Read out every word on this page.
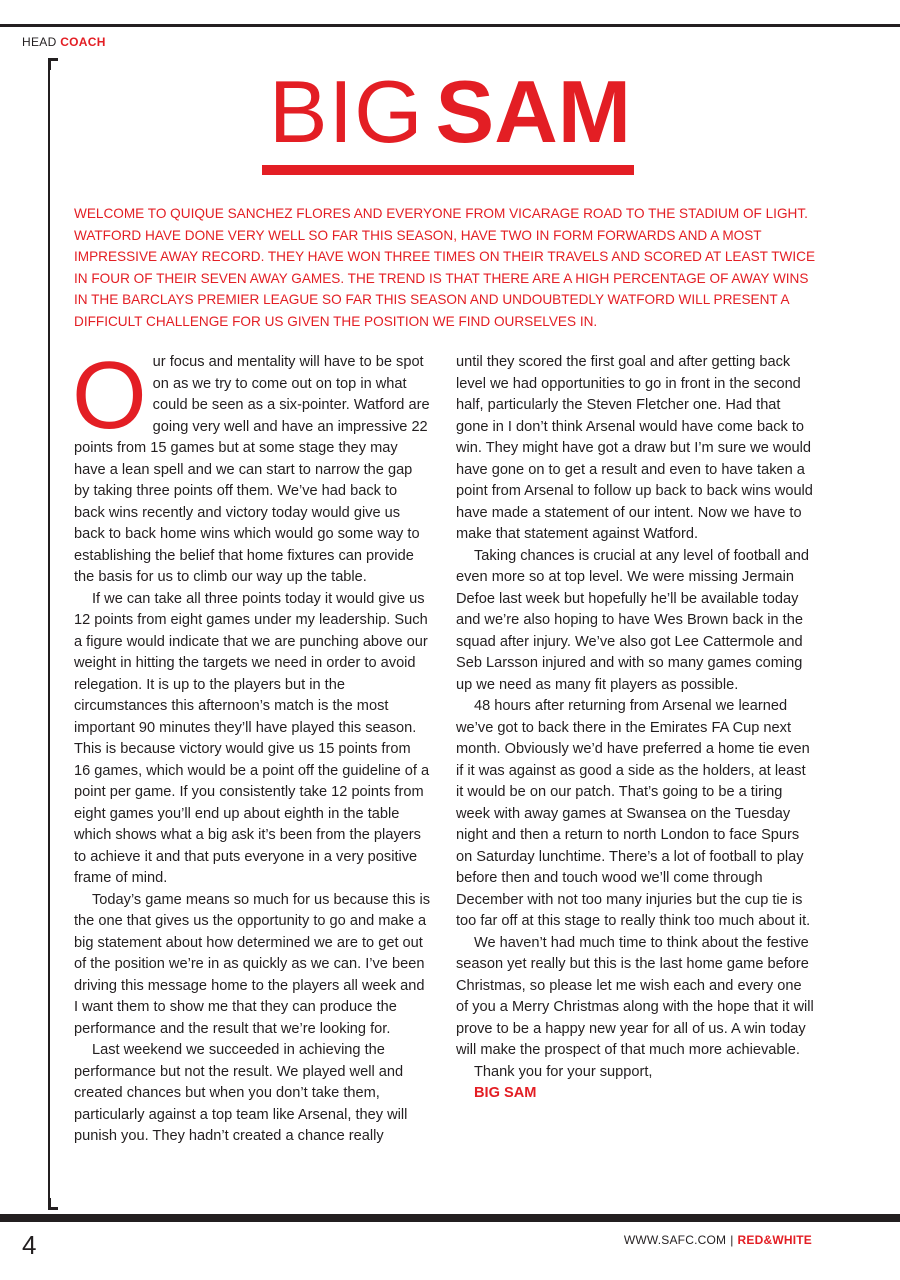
HEAD COACH
BIG SAM

WELCOME TO QUIQUE SANCHEZ FLORES AND EVERYONE FROM VICARAGE ROAD TO THE STADIUM OF LIGHT. WATFORD HAVE DONE VERY WELL SO FAR THIS SEASON, HAVE TWO IN FORM FORWARDS AND A MOST IMPRESSIVE AWAY RECORD. THEY HAVE WON THREE TIMES ON THEIR TRAVELS AND SCORED AT LEAST TWICE IN FOUR OF THEIR SEVEN AWAY GAMES. THE TREND IS THAT THERE ARE A HIGH PERCENTAGE OF AWAY WINS IN THE BARCLAYS PREMIER LEAGUE SO FAR THIS SEASON AND UNDOUBTEDLY WATFORD WILL PRESENT A DIFFICULT CHALLENGE FOR US GIVEN THE POSITION WE FIND OURSELVES IN.

Our focus and mentality will have to be spot on as we try to come out on top in what could be seen as a six-pointer. Watford are going very well and have an impressive 22 points from 15 games but at some stage they may have a lean spell and we can start to narrow the gap by taking three points off them. We’ve had back to back wins recently and victory today would give us back to back home wins which would go some way to establishing the belief that home fixtures can provide the basis for us to climb our way up the table.

If we can take all three points today it would give us 12 points from eight games under my leadership. Such a figure would indicate that we are punching above our weight in hitting the targets we need in order to avoid relegation. It is up to the players but in the circumstances this afternoon’s match is the most important 90 minutes they’ll have played this season. This is because victory would give us 15 points from 16 games, which would be a point off the guideline of a point per game. If you consistently take 12 points from eight games you’ll end up about eighth in the table which shows what a big ask it’s been from the players to achieve it and that puts everyone in a very positive frame of mind.

Today’s game means so much for us because this is the one that gives us the opportunity to go and make a big statement about how determined we are to get out of the position we’re in as quickly as we can. I’ve been driving this message home to the players all week and I want them to show me that they can produce the performance and the result that we’re looking for.

Last weekend we succeeded in achieving the performance but not the result. We played well and created chances but when you don’t take them, particularly against a top team like Arsenal, they will punish you. They hadn’t created a chance really

until they scored the first goal and after getting back level we had opportunities to go in front in the second half, particularly the Steven Fletcher one. Had that gone in I don’t think Arsenal would have come back to win. They might have got a draw but I’m sure we would have gone on to get a result and even to have taken a point from Arsenal to follow up back to back wins would have made a statement of our intent. Now we have to make that statement against Watford.

Taking chances is crucial at any level of football and even more so at top level. We were missing Jermain Defoe last week but hopefully he’ll be available today and we’re also hoping to have Wes Brown back in the squad after injury. We’ve also got Lee Cattermole and Seb Larsson injured and with so many games coming up we need as many fit players as possible.

48 hours after returning from Arsenal we learned we’ve got to back there in the Emirates FA Cup next month. Obviously we’d have preferred a home tie even if it was against as good a side as the holders, at least it would be on our patch. That’s going to be a tiring week with away games at Swansea on the Tuesday night and then a return to north London to face Spurs on Saturday lunchtime. There’s a lot of football to play before then and touch wood we’ll come through December with not too many injuries but the cup tie is too far off at this stage to really think too much about it.

We haven’t had much time to think about the festive season yet really but this is the last home game before Christmas, so please let me wish each and every one of you a Merry Christmas along with the hope that it will prove to be a happy new year for all of us. A win today will make the prospect of that much more achievable.

Thank you for your support,

BIG SAM

4	WWW.SAFC.COM | RED&WHITE
